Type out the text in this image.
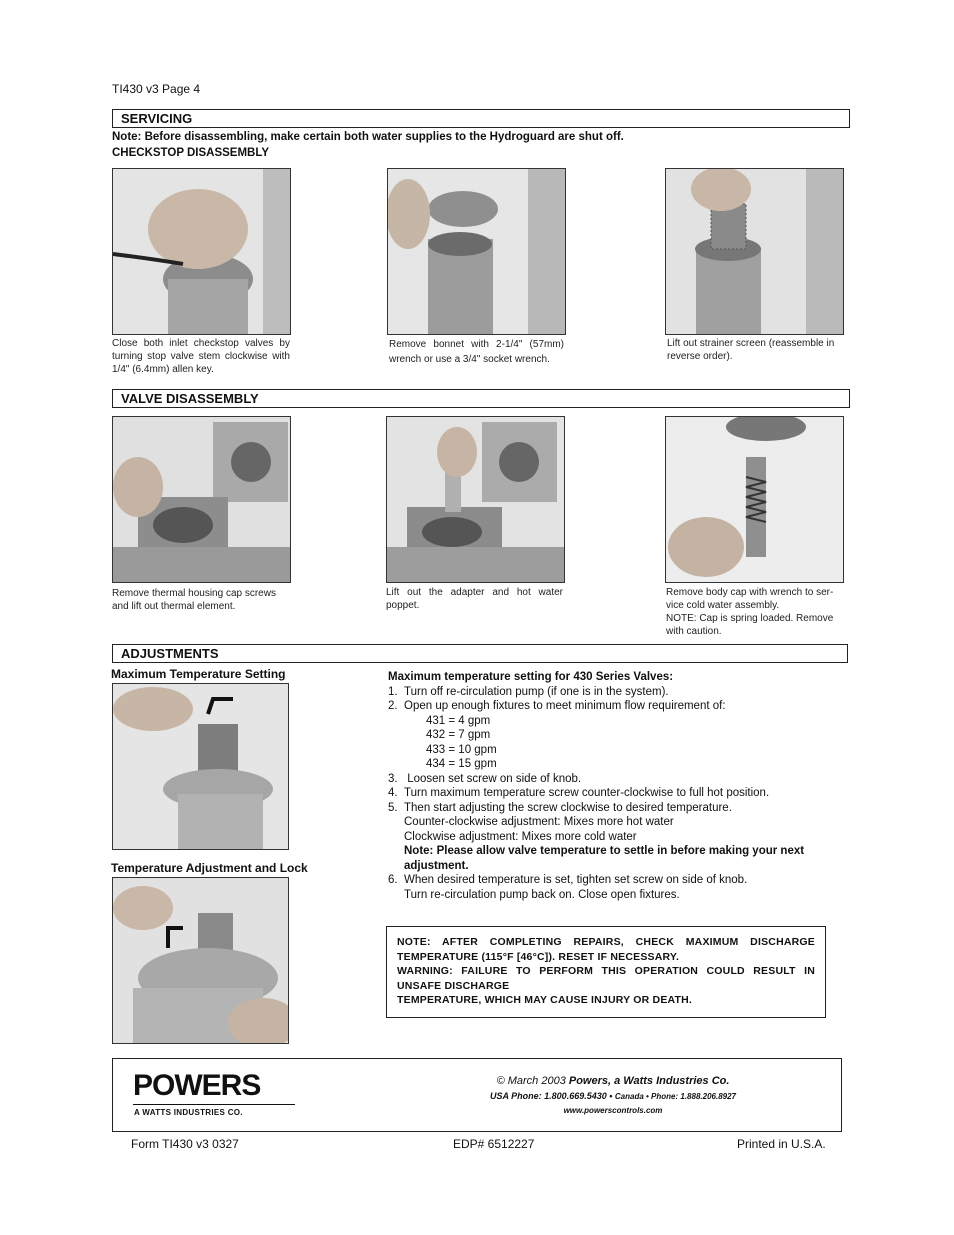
TI430 v3 Page 4
SERVICING
Note: Before disassembling, make certain both water supplies to the Hydroguard are shut off.
CHECKSTOP DISASSEMBLY
Close both inlet checkstop valves by turning stop valve stem clockwise with 1/4" (6.4mm) allen key.
Remove bonnet with 2-1/4" (57mm) wrench or use a 3/4" socket wrench.
Lift out strainer screen (reassemble in reverse order).
VALVE DISASSEMBLY
Remove thermal housing cap screws and lift out thermal element.
Lift out the adapter and hot water poppet.
Remove body cap with wrench to ser-vice cold water assembly.
NOTE: Cap is spring loaded. Remove with caution.
ADJUSTMENTS
Maximum Temperature Setting
Temperature Adjustment and Lock
Maximum temperature setting for 430 Series Valves:
1. Turn off re-circulation pump (if one is in the system).
2. Open up enough fixtures to meet minimum flow requirement of:
431 = 4 gpm
432 = 7 gpm
433 = 10 gpm
434 = 15 gpm
3. Loosen set screw on side of knob.
4. Turn maximum temperature screw counter-clockwise to full hot position.
5. Then start adjusting the screw clockwise to desired temperature.
Counter-clockwise adjustment: Mixes more hot water
Clockwise adjustment: Mixes more cold water
Note: Please allow valve temperature to settle in before making your next adjustment.
6. When desired temperature is set, tighten set screw on side of knob.
Turn re-circulation pump back on. Close open fixtures.
NOTE: AFTER COMPLETING REPAIRS, CHECK MAXIMUM DISCHARGE TEMPERATURE (115°F [46°C]). RESET IF NECESSARY.
WARNING: FAILURE TO PERFORM THIS OPERATION COULD RESULT IN UNSAFE DISCHARGE
TEMPERATURE, WHICH MAY CAUSE INJURY OR DEATH.
POWERS
A WATTS INDUSTRIES CO.
© March 2003 Powers, a Watts Industries Co.
USA Phone: 1.800.669.5430 • Canada • Phone: 1.888.206.8927
www.powerscontrols.com
Form TI430 v3 0327	EDP# 6512227	Printed in U.S.A.
